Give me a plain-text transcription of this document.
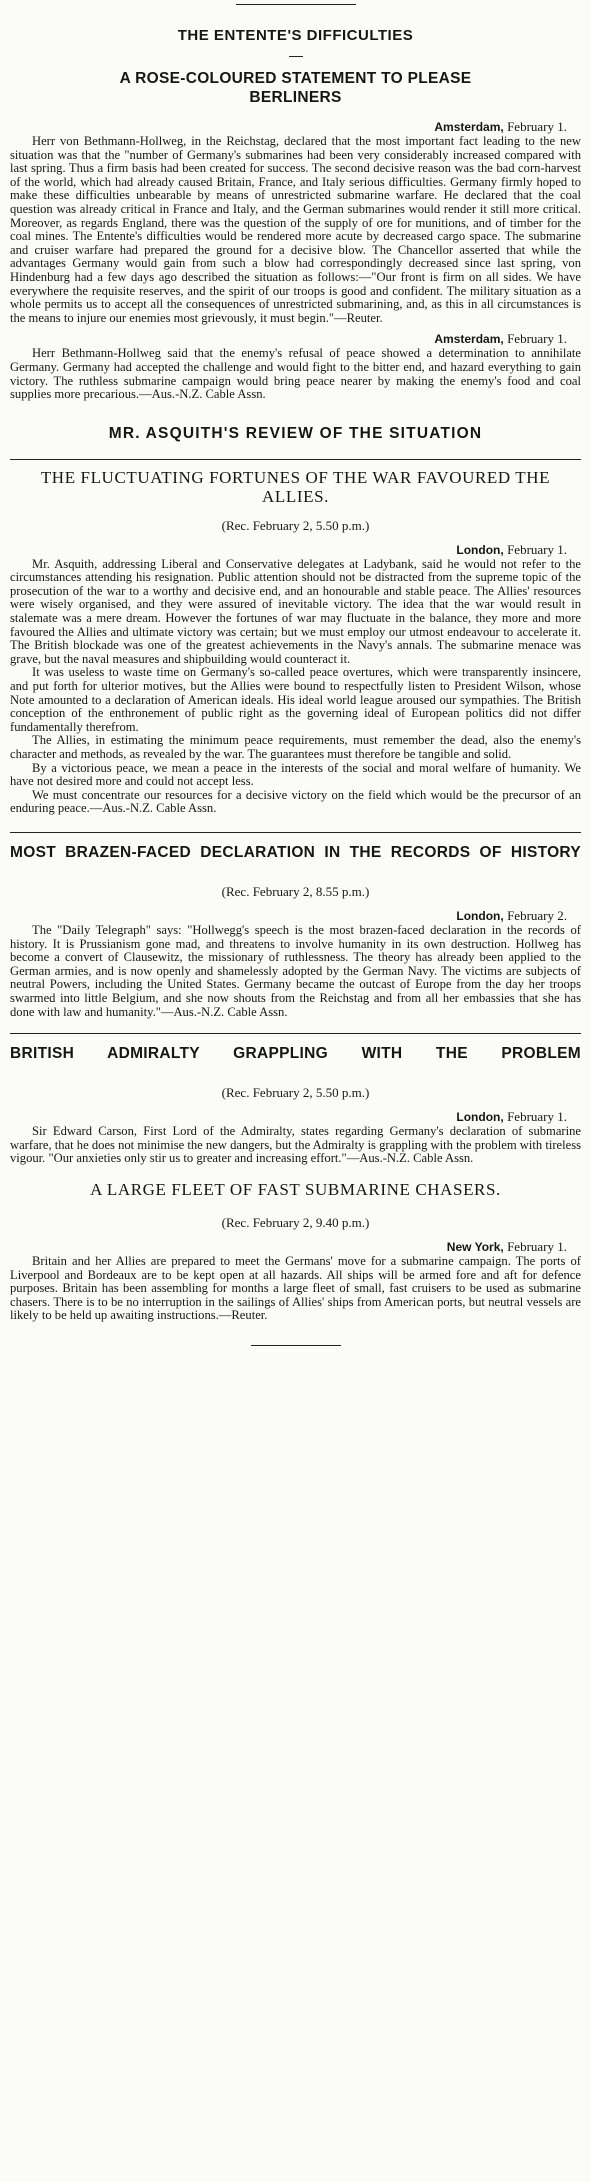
THE ENTENTE'S DIFFICULTIES
A ROSE-COLOURED STATEMENT TO PLEASE BERLINERS
Amsterdam, February 1.

Herr von Bethmann-Hollweg, in the Reichstag, declared that the most important fact leading to the new situation was that the "number of Germany's submarines had been very considerably increased compared with last spring. Thus a firm basis had been created for success. The second decisive reason was the bad corn-harvest of the world, which had already caused Britain, France, and Italy serious difficulties. Germany firmly hoped to make these difficulties unbearable by means of unrestricted submarine warfare. He declared that the coal question was already critical in France and Italy, and the German submarines would render it still more critical. Moreover, as regards England, there was the question of the supply of ore for munitions, and of timber for the coal mines. The Entente's difficulties would be rendered more acute by decreased cargo space. The submarine and cruiser warfare had prepared the ground for a decisive blow. The Chancellor asserted that while the advantages Germany would gain from such a blow had correspondingly decreased since last spring, von Hindenburg had a few days ago described the situation as follows:—"Our front is firm on all sides. We have everywhere the requisite reserves, and the spirit of our troops is good and confident. The military situation as a whole permits us to accept all the consequences of unrestricted submarining, and, as this in all circumstances is the means to injure our enemies most grievously, it must begin."—Reuter.

Amsterdam, February 1.

Herr Bethmann-Hollweg said that the enemy's refusal of peace showed a determination to annihilate Germany. Germany had accepted the challenge and would fight to the bitter end, and hazard everything to gain victory. The ruthless submarine campaign would bring peace nearer by making the enemy's food and coal supplies more precarious.—Aus.-N.Z. Cable Assn.

MR. ASQUITH'S REVIEW OF THE SITUATION
THE FLUCTUATING FORTUNES OF THE WAR FAVOURED THE ALLIES.

(Rec. February 2, 5.50 p.m.)

London, February 1.

Mr. Asquith, addressing Liberal and Conservative delegates at Ladybank, said he would not refer to the circumstances attending his resignation. Public attention should not be distracted from the supreme topic of the prosecution of the war to a worthy and decisive end, and an honourable and stable peace. The Allies' resources were wisely organised, and they were assured of inevitable victory. The idea that the war would result in stalemate was a mere dream. However the fortunes of war may fluctuate in the balance, they more and more favoured the Allies and ultimate victory was certain; but we must employ our utmost endeavour to accelerate it. The British blockade was one of the greatest achievements in the Navy's annals. The submarine menace was grave, but the naval measures and shipbuilding would counteract it.

It was useless to waste time on Germany's so-called peace overtures, which were transparently insincere, and put forth for ulterior motives, but the Allies were bound to respectfully listen to President Wilson, whose Note amounted to a declaration of American ideals. His ideal world league aroused our sympathies. The British conception of the enthronement of public right as the governing ideal of European politics did not differ fundamentally therefrom.

The Allies, in estimating the minimum peace requirements, must remember the dead, also the enemy's character and methods, as revealed by the war. The guarantees must therefore be tangible and solid.

By a victorious peace, we mean a peace in the interests of the social and moral welfare of humanity. We have not desired more and could not accept less.

We must concentrate our resources for a decisive victory on the field which would be the precursor of an enduring peace.—Aus.-N.Z. Cable Assn.

MOST BRAZEN-FACED DECLARATION IN THE RECORDS OF HISTORY

(Rec. February 2, 8.55 p.m.)

London, February 2.

The "Daily Telegraph" says: "Hollwegg's speech is the most brazen-faced declaration in the records of history. It is Prussianism gone mad, and threatens to involve humanity in its own destruction. Hollweg has become a convert of Clausewitz, the missionary of ruthlessness. The theory has already been applied to the German armies, and is now openly and shamelessly adopted by the German Navy. The victims are subjects of neutral Powers, including the United States. Germany became the outcast of Europe from the day her troops swarmed into little Belgium, and she now shouts from the Reichstag and from all her embassies that she has done with law and humanity."—Aus.-N.Z. Cable Assn.

BRITISH ADMIRALTY GRAPPLING WITH THE PROBLEM

(Rec. February 2, 5.50 p.m.)

London, February 1.

Sir Edward Carson, First Lord of the Admiralty, states regarding Germany's declaration of submarine warfare, that he does not minimise the new dangers, but the Admiralty is grappling with the problem with tireless vigour. "Our anxieties only stir us to greater and increasing effort."—Aus.-N.Z. Cable Assn.

A LARGE FLEET OF FAST SUBMARINE CHASERS.

(Rec. February 2, 9.40 p.m.)

New York, February 1.

Britain and her Allies are prepared to meet the Germans' move for a submarine campaign. The ports of Liverpool and Bordeaux are to be kept open at all hazards. All ships will be armed fore and aft for defence purposes. Britain has been assembling for months a large fleet of small, fast cruisers to be used as submarine chasers. There is to be no interruption in the sailings of Allies' ships from American ports, but neutral vessels are likely to be held up awaiting instructions.—Reuter.
